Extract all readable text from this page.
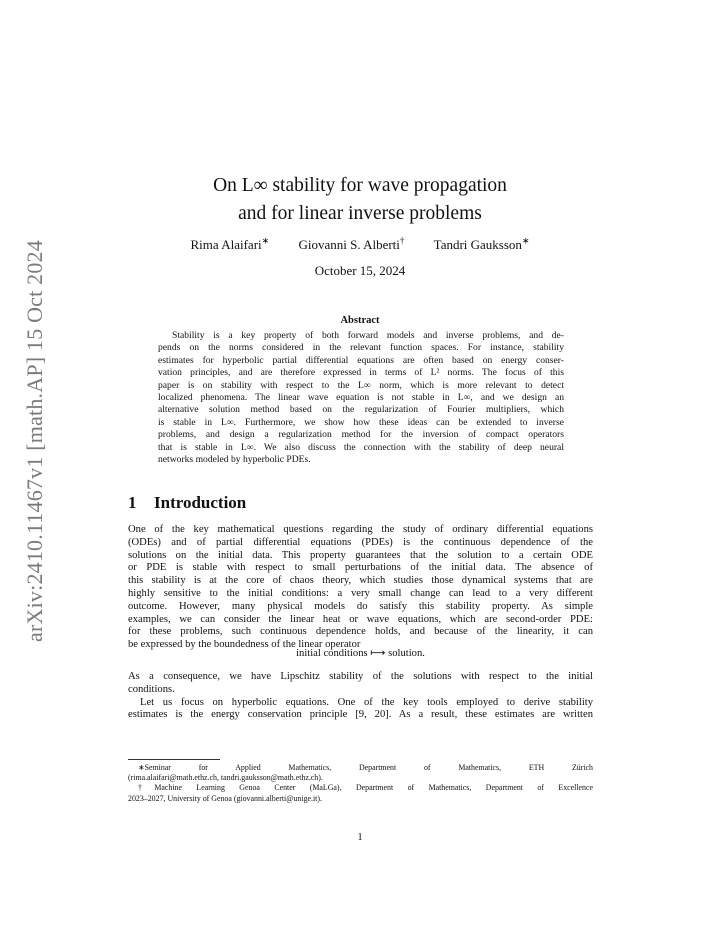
arXiv:2410.11467v1 [math.AP] 15 Oct 2024
On L∞ stability for wave propagation
and for linear inverse problems
Rima Alaifari∗ Giovanni S. Alberti† Tandri Gauksson∗
October 15, 2024
Abstract
Stability is a key property of both forward models and inverse problems, and de-
pends on the norms considered in the relevant function spaces. For instance, stability
estimates for hyperbolic partial differential equations are often based on energy conser-
vation principles, and are therefore expressed in terms of L² norms. The focus of this
paper is on stability with respect to the L∞ norm, which is more relevant to detect
localized phenomena. The linear wave equation is not stable in L∞, and we design an
alternative solution method based on the regularization of Fourier multipliers, which
is stable in L∞. Furthermore, we show how these ideas can be extended to inverse
problems, and design a regularization method for the inversion of compact operators
that is stable in L∞. We also discuss the connection with the stability of deep neural
networks modeled by hyperbolic PDEs.
1 Introduction
One of the key mathematical questions regarding the study of ordinary differential equations
(ODEs) and of partial differential equations (PDEs) is the continuous dependence of the
solutions on the initial data. This property guarantees that the solution to a certain ODE
or PDE is stable with respect to small perturbations of the initial data. The absence of
this stability is at the core of chaos theory, which studies those dynamical systems that are
highly sensitive to the initial conditions: a very small change can lead to a very different
outcome. However, many physical models do satisfy this stability property. As simple
examples, we can consider the linear heat or wave equations, which are second-order PDE:
for these problems, such continuous dependence holds, and because of the linearity, it can
be expressed by the boundedness of the linear operator
initial conditions ⟼ solution.
As a consequence, we have Lipschitz stability of the solutions with respect to the initial
conditions.
Let us focus on hyperbolic equations. One of the key tools employed to derive stability
estimates is the energy conservation principle [9, 20]. As a result, these estimates are written
∗Seminar for Applied Mathematics, Department of Mathematics, ETH Zürich
(rima.alaifari@math.ethz.ch, tandri.gauksson@math.ethz.ch).
†Machine Learning Genoa Center (MaLGa), Department of Mathematics, Department of Excellence
2023–2027, University of Genoa (giovanni.alberti@unige.it).
1
